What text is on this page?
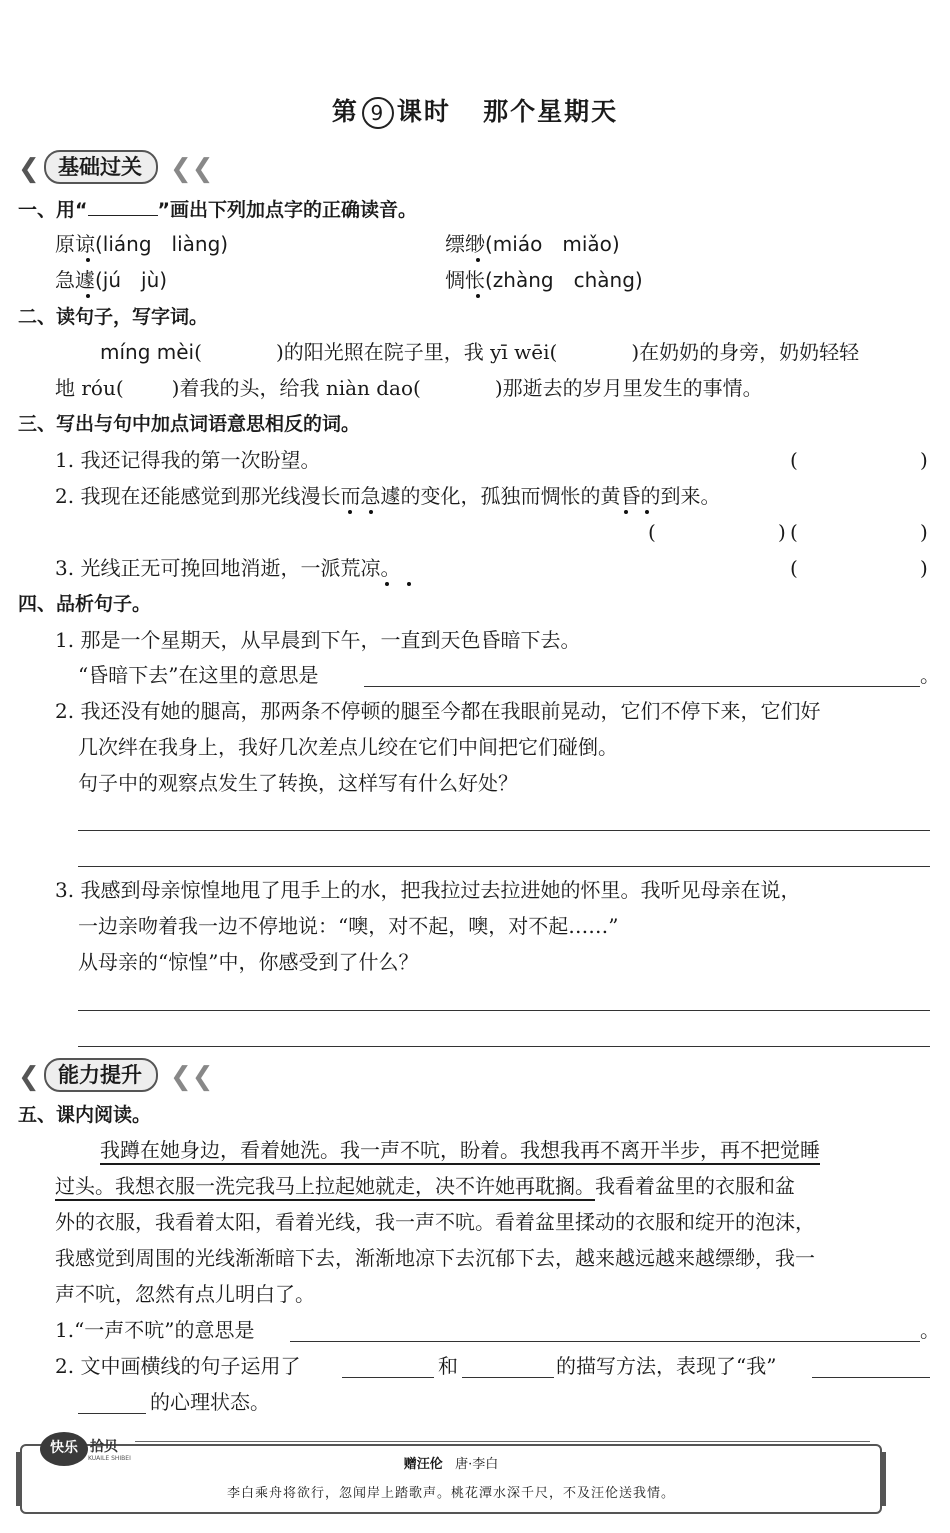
第 9 课时 那个星期天
❮ 基础过关	❮❮
一、用“	”画出下列加点字的正确读音。
原谅(liáng　liàng)	缥缈(miáo　miǎo)
急遽(jú　jù)	惆怅(zhàng　chàng)
二、读句子，写字词。
míng mèi(	)的阳光照在院子里，我 yī wēi(	)在奶奶的身旁，奶奶轻轻
地 róu( )着我的头，给我 niàn dao(	)那逝去的岁月里发生的事情。
三、写出与句中加点词语意思相反的词。
1. 我还记得我的第一次盼望。	(	)
2. 我现在还能感觉到那光线漫长而急遽的变化，孤独而惆怅的黄昏的到来。
(	) (	)
3. 光线正无可挽回地消逝，一派荒凉。	(	)
四、品析句子。
1. 那是一个星期天，从早晨到下午，一直到天色昏暗下去。
“昏暗下去”在这里的意思是	。
2. 我还没有她的腿高，那两条不停顿的腿至今都在我眼前晃动，它们不停下来，它们好
几次绊在我身上，我好几次差点儿绞在它们中间把它们碰倒。
句子中的观察点发生了转换，这样写有什么好处？
3. 我感到母亲惊惶地甩了甩手上的水，把我拉过去拉进她的怀里。我听见母亲在说，
一边亲吻着我一边不停地说：“噢，对不起，噢，对不起……”
从母亲的“惊惶”中，你感受到了什么？
❮ 能力提升	❮❮
五、课内阅读。
我蹲在她身边，看着她洗。我一声不吭，盼着。我想我再不离开半步，再不把觉睡
过头。我想衣服一洗完我马上拉起她就走，决不许她再耽搁。我看着盆里的衣服和盆
外的衣服，我看着太阳，看着光线，我一声不吭。看着盆里揉动的衣服和绽开的泡沫，
我感觉到周围的光线渐渐暗下去，渐渐地凉下去沉郁下去，越来越远越来越缥缈，我一
声不吭，忽然有点儿明白了。
1.“一声不吭”的意思是	。
2. 文中画横线的句子运用了	和	的描写方法，表现了“我”
的心理状态。
赠汪伦 唐·李白
李白乘舟将欲行，忽闻岸上踏歌声。桃花潭水深千尺，不及汪伦送我情。
快乐 拾贝
KUAILE SHIBEI
